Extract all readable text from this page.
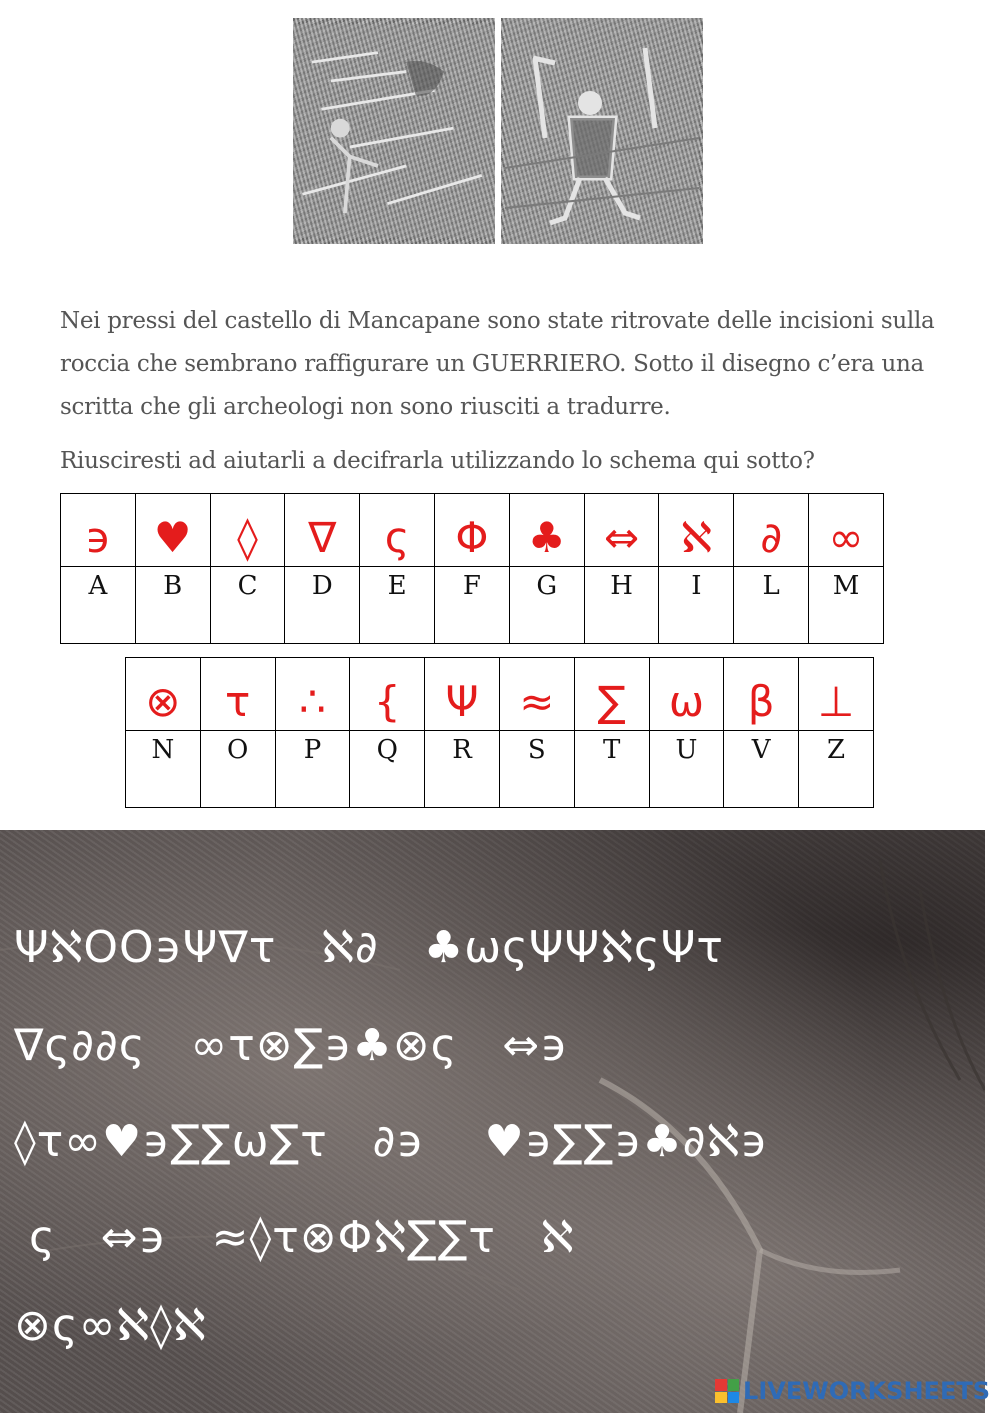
Nei pressi del castello di Mancapane sono state ritrovate delle incisioni sulla roccia che sembrano raffigurare un GUERRIERO. Sotto il disegno c’era una scritta che gli archeologi non sono riusciti a tradurre.

Riusciresti ad aiutarli a decifrarla utilizzando lo schema qui sotto?
϶	♥	◊	∇	ς	Φ	♣	⇔	ℵ	∂	∞
A	B	C	D	E	F	G	H	I	L	M
⊗	τ	∴	{	Ψ	≈	∑	ω	β	⊥
N	O	P	Q	R	S	T	U	V	Z
ΨℵΟΟ϶Ψ∇τ   ℵ∂   ♣ωςΨΨℵςΨτ
∇ς∂∂ς   ∞τ⊗∑϶♣⊗ς   ⇔϶
◊τ∞♥϶∑∑ω∑τ   ∂϶    ♥϶∑∑϶♣∂ℵ϶
ς   ⇔϶   ≈◊τ⊗Φℵ∑∑τ   ℵ
⊗ς∞ℵ◊ℵ
LIVEWORKSHEETS
